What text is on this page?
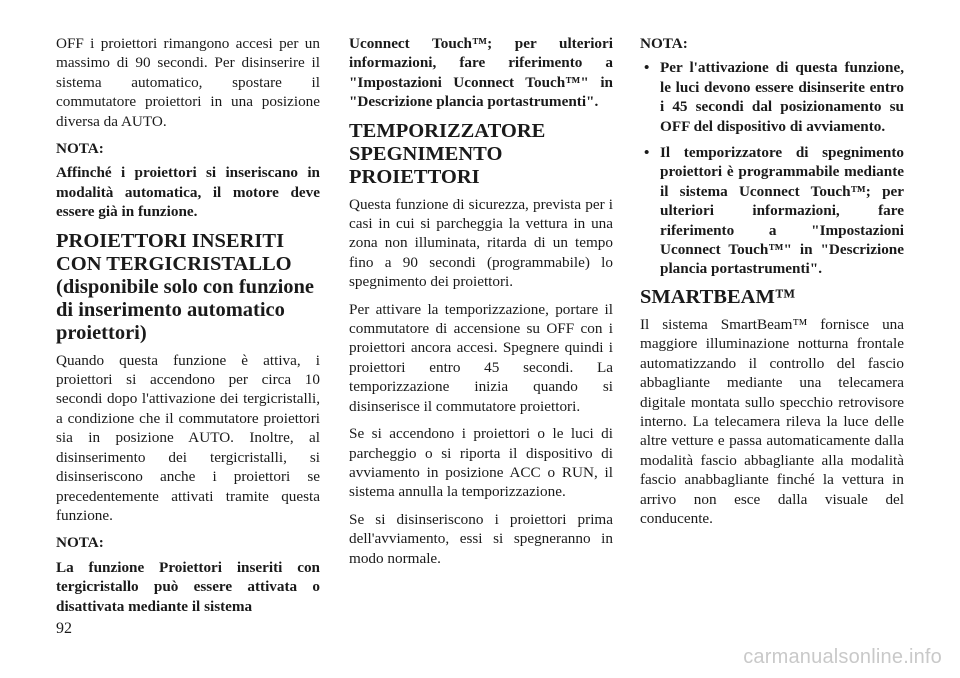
OFF i proiettori rimangono accesi per un massimo di 90 secondi. Per disinserire il sistema automatico, spostare il commutatore proiettori in una posizione diversa da AUTO.

NOTA:

Affinché i proiettori si inseriscano in modalità automatica, il motore deve essere già in funzione.

PROIETTORI INSERITI CON TERGICRISTALLO (disponibile solo con funzione di inserimento automatico proiettori)

Quando questa funzione è attiva, i proiettori si accendono per circa 10 secondi dopo l'attivazione dei tergicristalli, a condizione che il commutatore proiettori sia in posizione AUTO. Inoltre, al disinserimento dei tergicristalli, si disinseriscono anche i proiettori se precedentemente attivati tramite questa funzione.

NOTA:

La funzione Proiettori inseriti con tergicristallo può essere attivata o disattivata mediante il sistema

Uconnect Touch™; per ulteriori informazioni, fare riferimento a "Impostazioni Uconnect Touch™" in "Descrizione plancia portastrumenti".

TEMPORIZZATORE SPEGNIMENTO PROIETTORI

Questa funzione di sicurezza, prevista per i casi in cui si parcheggia la vettura in una zona non illuminata, ritarda di un tempo fino a 90 secondi (programmabile) lo spegnimento dei proiettori.

Per attivare la temporizzazione, portare il commutatore di accensione su OFF con i proiettori ancora accesi. Spegnere quindi i proiettori entro 45 secondi. La temporizzazione inizia quando si disinserisce il commutatore proiettori.

Se si accendono i proiettori o le luci di parcheggio o si riporta il dispositivo di avviamento in posizione ACC o RUN, il sistema annulla la temporizzazione.

Se si disinseriscono i proiettori prima dell'avviamento, essi si spegneranno in modo normale.

NOTA:
• Per l'attivazione di questa funzione, le luci devono essere disinserite entro i 45 secondi dal posizionamento su OFF del dispositivo di avviamento.
• Il temporizzatore di spegnimento proiettori è programmabile mediante il sistema Uconnect Touch™; per ulteriori informazioni, fare riferimento a "Impostazioni Uconnect Touch™" in "Descrizione plancia portastrumenti".
SMARTBEAM™

Il sistema SmartBeam™ fornisce una maggiore illuminazione notturna frontale automatizzando il controllo del fascio abbagliante mediante una telecamera digitale montata sullo specchio retrovisore interno. La telecamera rileva la luce delle altre vetture e passa automaticamente dalla modalità fascio abbagliante alla modalità fascio anabbagliante finché la vettura in arrivo non esce dalla visuale del conducente.

92
carmanualsonline.info
